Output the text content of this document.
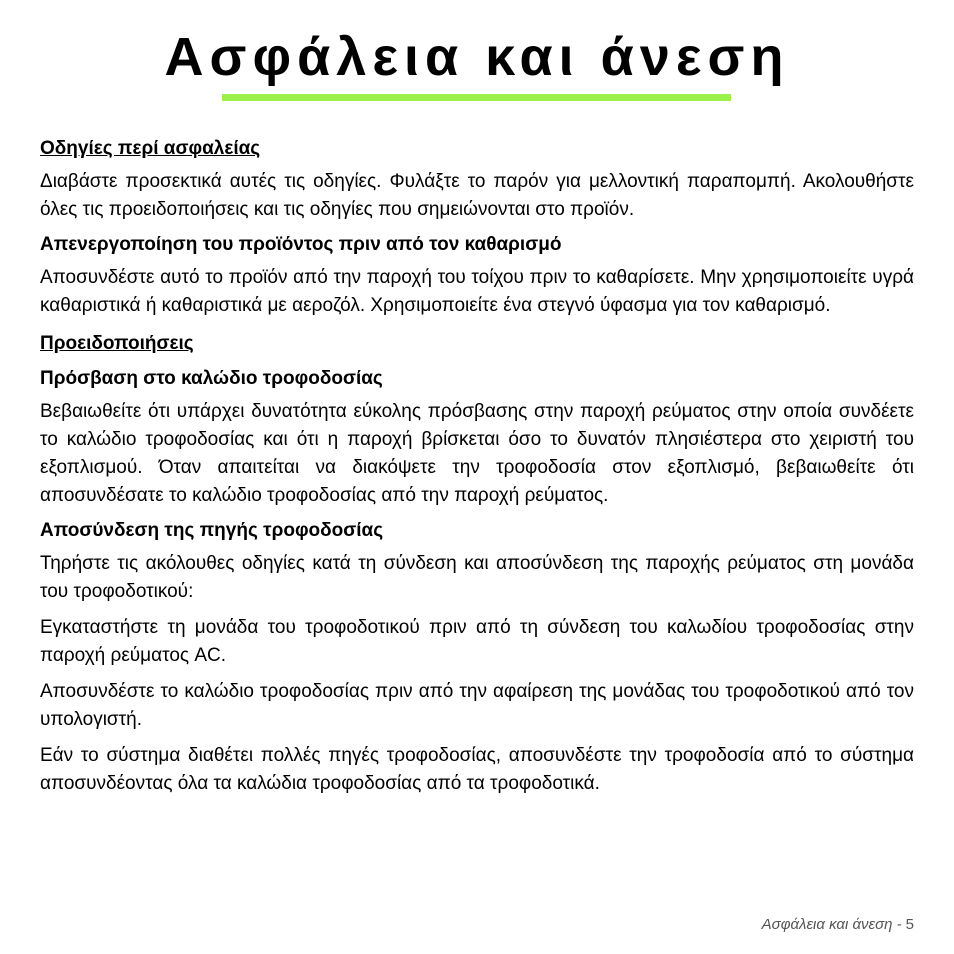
Ασφάλεια και άνεση

Οδηγίες περί ασφαλείας

Διαβάστε προσεκτικά αυτές τις οδηγίες. Φυλάξτε το παρόν για μελλοντική παραπομπή. Ακολουθήστε όλες τις προειδοποιήσεις και τις οδηγίες που σημειώνονται στο προϊόν.

Απενεργοποίηση του προϊόντος πριν από τον καθαρισμό

Αποσυνδέστε αυτό το προϊόν από την παροχή του τοίχου πριν το καθαρίσετε. Μην χρησιμοποιείτε υγρά καθαριστικά ή καθαριστικά με αεροζόλ. Χρησιμοποιείτε ένα στεγνό ύφασμα για τον καθαρισμό.

Προειδοποιήσεις

Πρόσβαση στο καλώδιο τροφοδοσίας

Βεβαιωθείτε ότι υπάρχει δυνατότητα εύκολης πρόσβασης στην παροχή ρεύματος στην οποία συνδέετε το καλώδιο τροφοδοσίας και ότι η παροχή βρίσκεται όσο το δυνατόν πλησιέστερα στο χειριστή του εξοπλισμού. Όταν απαιτείται να διακόψετε την τροφοδοσία στον εξοπλισμό, βεβαιωθείτε ότι αποσυνδέσατε το καλώδιο τροφοδοσίας από την παροχή ρεύματος.

Αποσύνδεση της πηγής τροφοδοσίας

Τηρήστε τις ακόλουθες οδηγίες κατά τη σύνδεση και αποσύνδεση της παροχής ρεύματος στη μονάδα του τροφοδοτικού:

Εγκαταστήστε τη μονάδα του τροφοδοτικού πριν από τη σύνδεση του καλωδίου τροφοδοσίας στην παροχή ρεύματος AC.

Αποσυνδέστε το καλώδιο τροφοδοσίας πριν από την αφαίρεση της μονάδας του τροφοδοτικού από τον υπολογιστή.

Εάν το σύστημα διαθέτει πολλές πηγές τροφοδοσίας, αποσυνδέστε την τροφοδοσία από το σύστημα αποσυνδέοντας όλα τα καλώδια τροφοδοσίας από τα τροφοδοτικά.

Ασφάλεια και άνεση - 5
